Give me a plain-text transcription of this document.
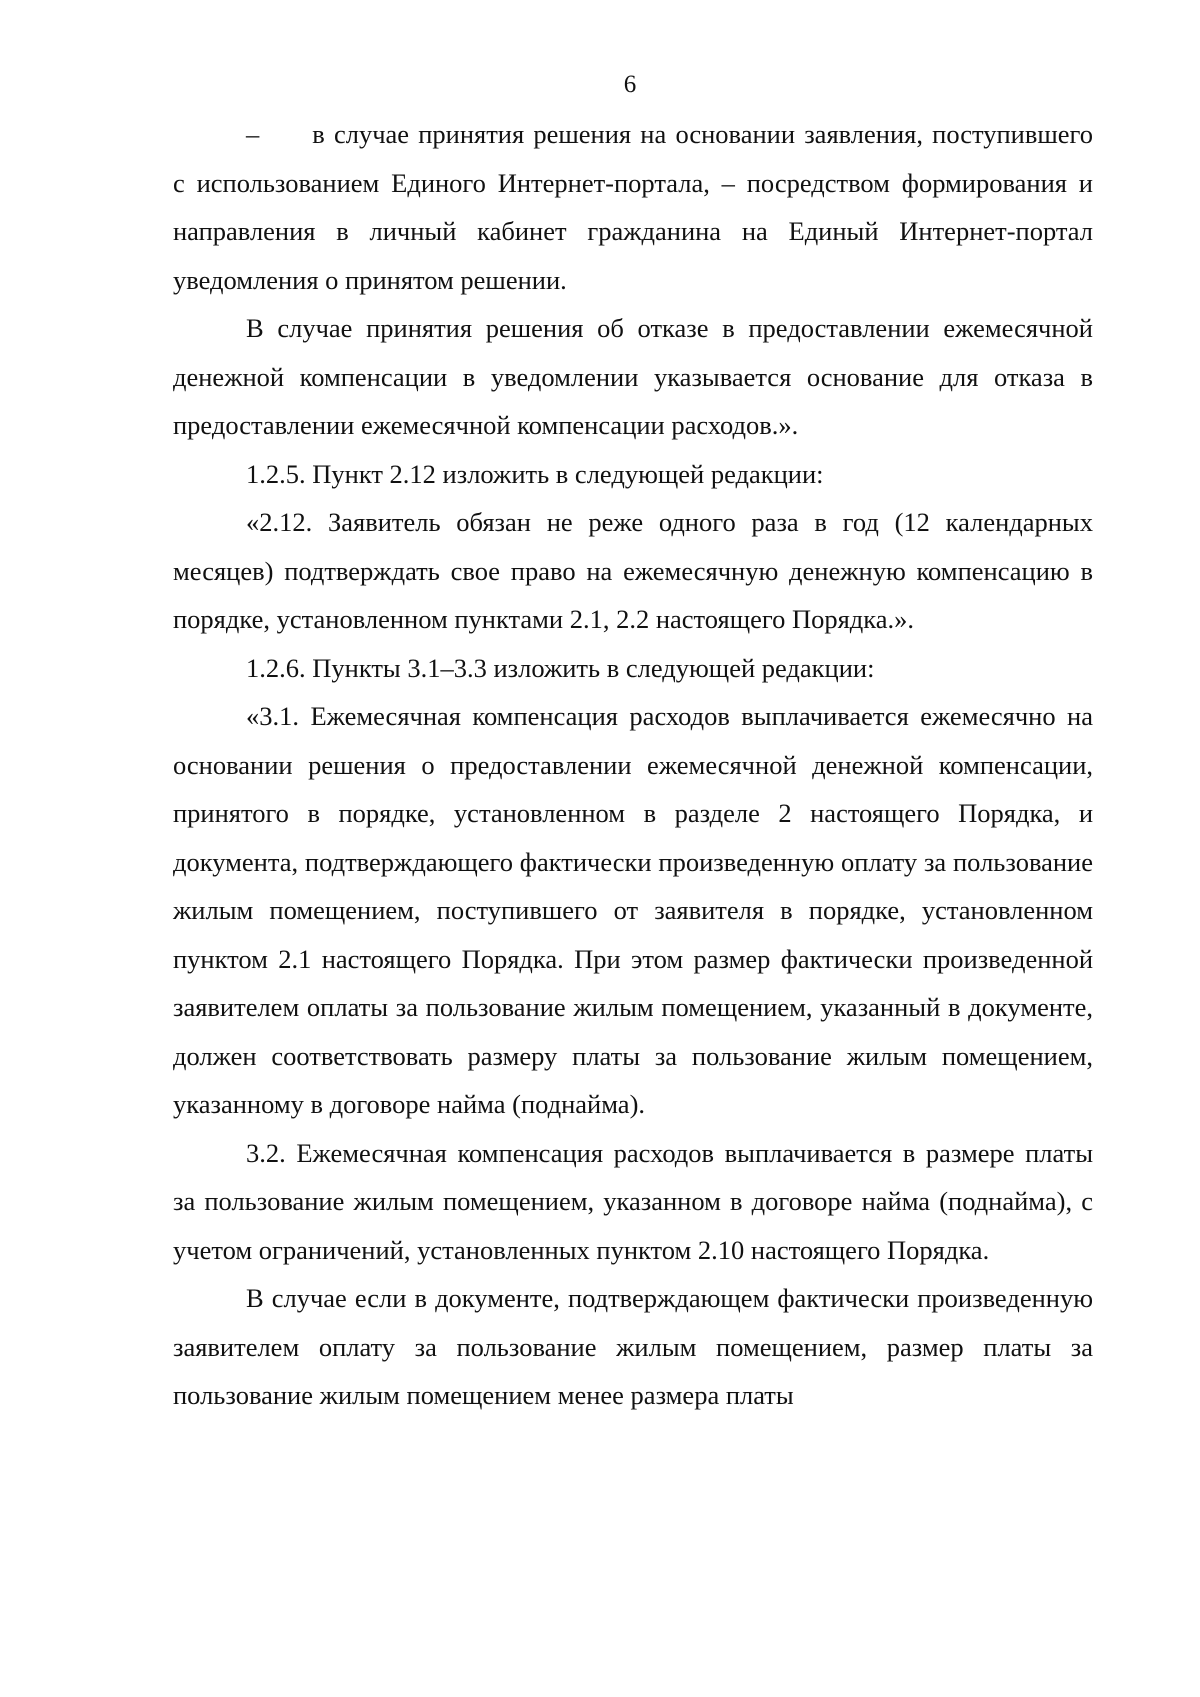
6

–  в случае принятия решения на основании заявления, поступившего с использованием Единого Интернет-портала, – посредством формирования и направления в личный кабинет гражданина на Единый Интернет-портал уведомления о принятом решении.

В случае принятия решения об отказе в предоставлении ежемесячной денежной компенсации в уведомлении указывается основание для отказа в предоставлении ежемесячной компенсации расходов.».

1.2.5. Пункт 2.12 изложить в следующей редакции:

«2.12. Заявитель обязан не реже одного раза в год (12 календарных месяцев) подтверждать свое право на ежемесячную денежную компенсацию в порядке, установленном пунктами 2.1, 2.2 настоящего Порядка.».

1.2.6. Пункты 3.1–3.3 изложить в следующей редакции:

«3.1. Ежемесячная компенсация расходов выплачивается ежемесячно на основании решения о предоставлении ежемесячной денежной компенсации, принятого в порядке, установленном в разделе 2 настоящего Порядка, и документа, подтверждающего фактически произведенную оплату за пользование жилым помещением, поступившего от заявителя в порядке, установленном пунктом 2.1 настоящего Порядка. При этом размер фактически произведенной заявителем оплаты за пользование жилым помещением, указанный в документе, должен соответствовать размеру платы за пользование жилым помещением, указанному в договоре найма (поднайма).

3.2. Ежемесячная компенсация расходов выплачивается в размере платы за пользование жилым помещением, указанном в договоре найма (поднайма), с учетом ограничений, установленных пунктом 2.10 настоящего Порядка.

В случае если в документе, подтверждающем фактически произведенную заявителем оплату за пользование жилым помещением, размер платы за пользование жилым помещением менее размера платы
